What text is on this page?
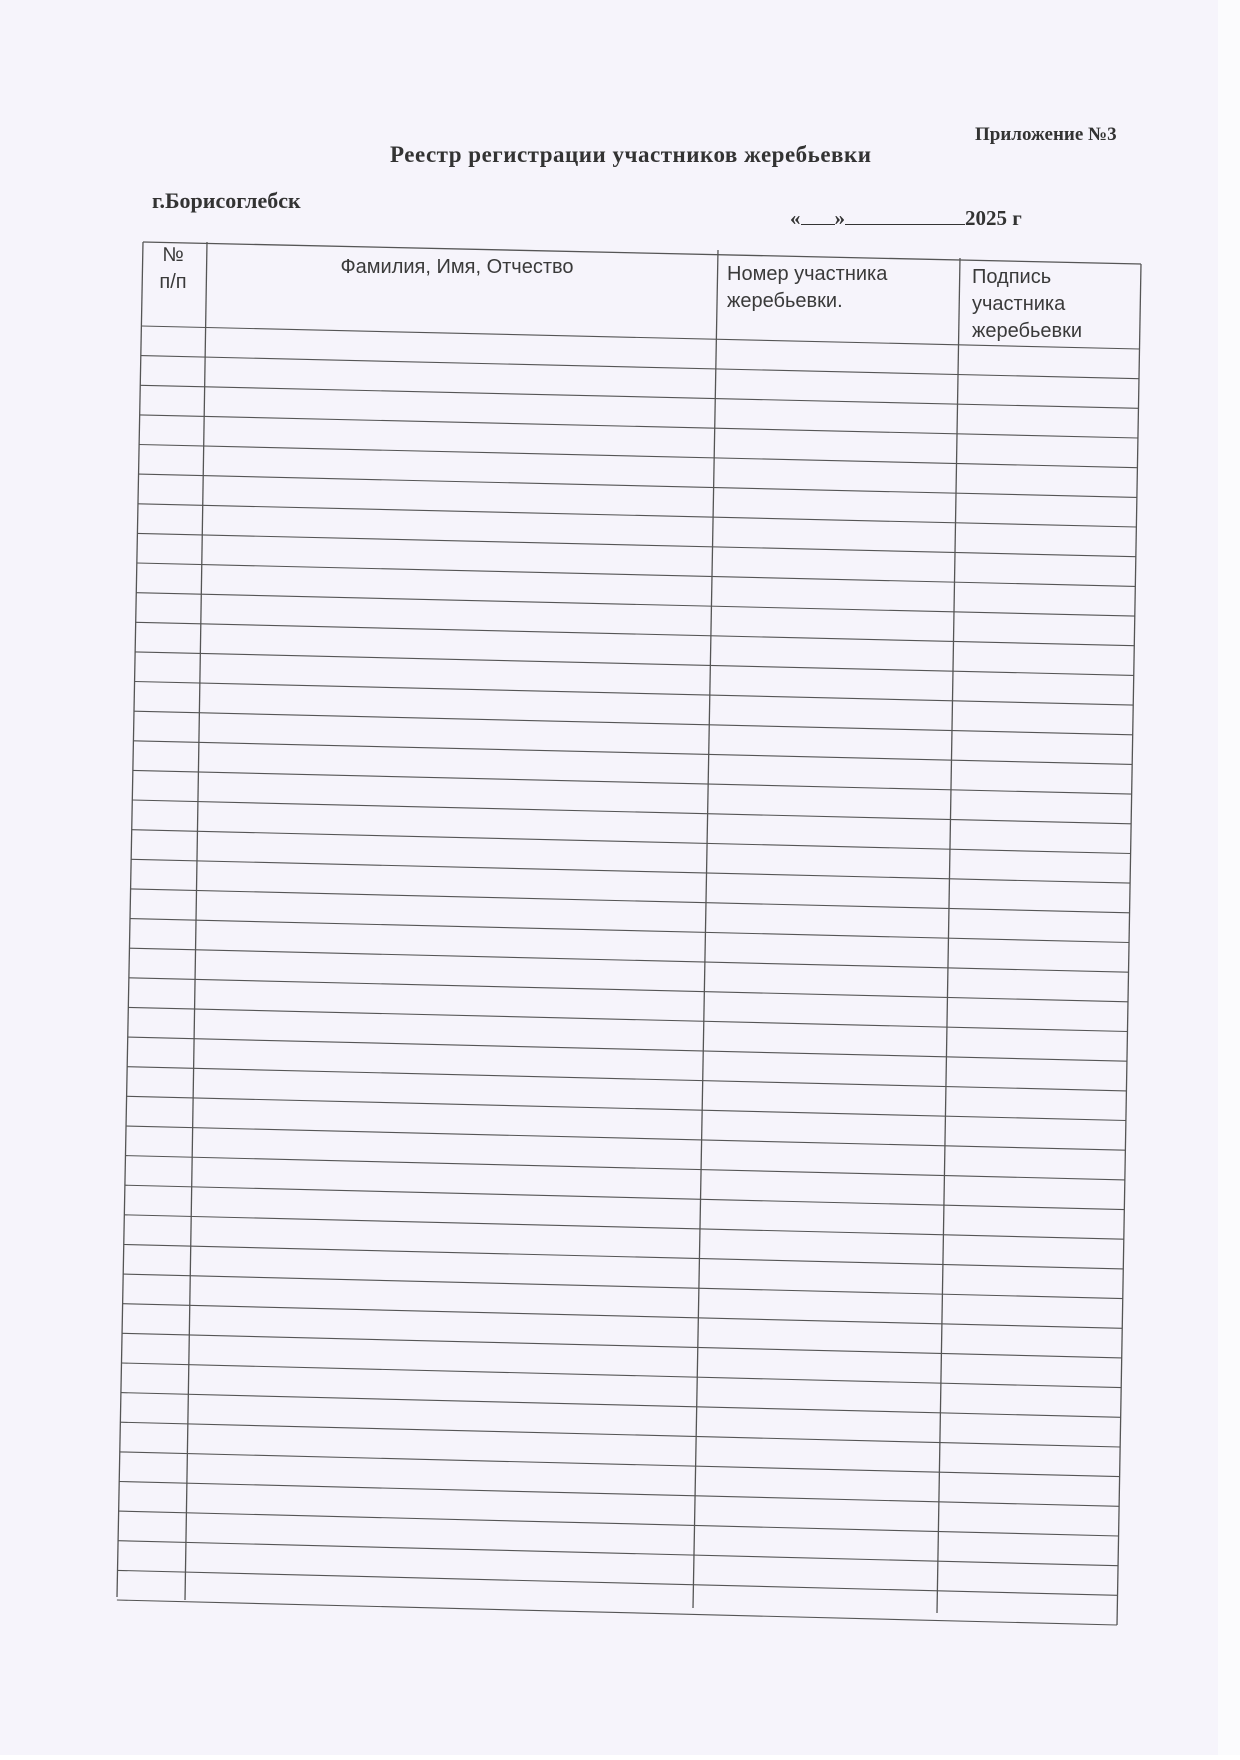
Приложение №3
Реестр регистрации участников жеребьевки
г.Борисоглебск
« »	2025 г
№
п/п
Фамилия, Имя, Отчество	Номер участника
жеребьевки.
Подпись
участника
жеребьевки
